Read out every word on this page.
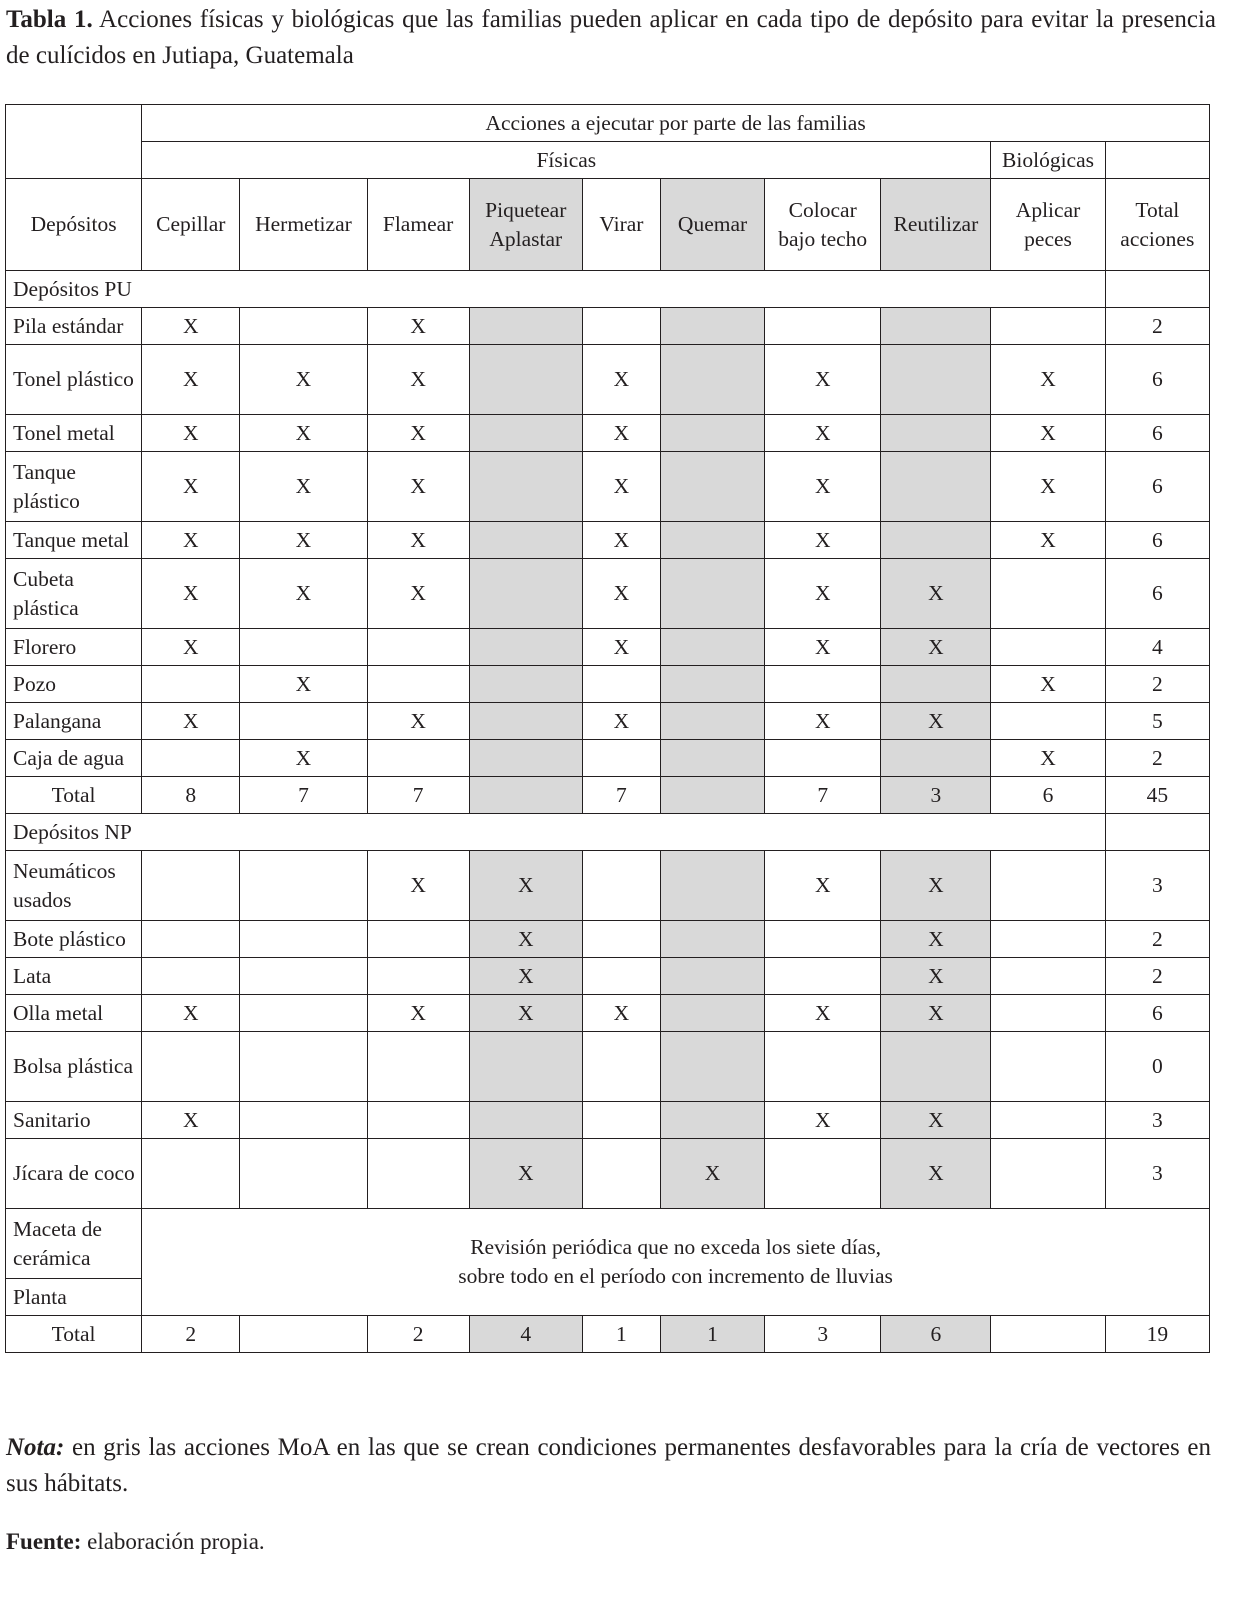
Tabla 1. Acciones físicas y biológicas que las familias pueden aplicar en cada tipo de depósito para evitar la presencia de culícidos en Jutiapa, Guatemala
	Acciones a ejecutar por parte de las familias									
	Físicas								Biológicas	
Depósitos	Cepillar	Hermetizar	Flamear	Piquetear Aplastar	Virar	Quemar	Colocar bajo techo	Reutilizar	Aplicar peces	Total acciones
Depósitos PU										
Pila estándar	X		X							2
Tonel plástico	X	X	X		X		X		X	6
Tonel metal	X	X	X		X		X		X	6
Tanque plástico	X	X	X		X		X		X	6
Tanque metal	X	X	X		X		X		X	6
Cubeta plástica	X	X	X		X		X	X		6
Florero	X				X		X	X		4
Pozo		X							X	2
Palangana	X		X		X		X	X		5
Caja de agua		X							X	2
Total	8	7	7		7		7	3	6	45
Depósitos NP										
Neumáticos usados			X	X			X	X		3
Bote plástico				X				X		2
Lata				X				X		2
Olla metal	X		X	X	X		X	X		6
Bolsa plástica										0
Sanitario	X						X	X		3
Jícara de coco				X		X		X		3
Maceta de cerámica	Revisión periódica que no exceda los siete días,
sobre todo en el período con incremento de lluvias									

Planta										
Total	2		2	4	1	1	3	6		19
Nota: en gris las acciones MoA en las que se crean condiciones permanentes desfavorables para la cría de vectores en sus hábitats.
Fuente: elaboración propia.
